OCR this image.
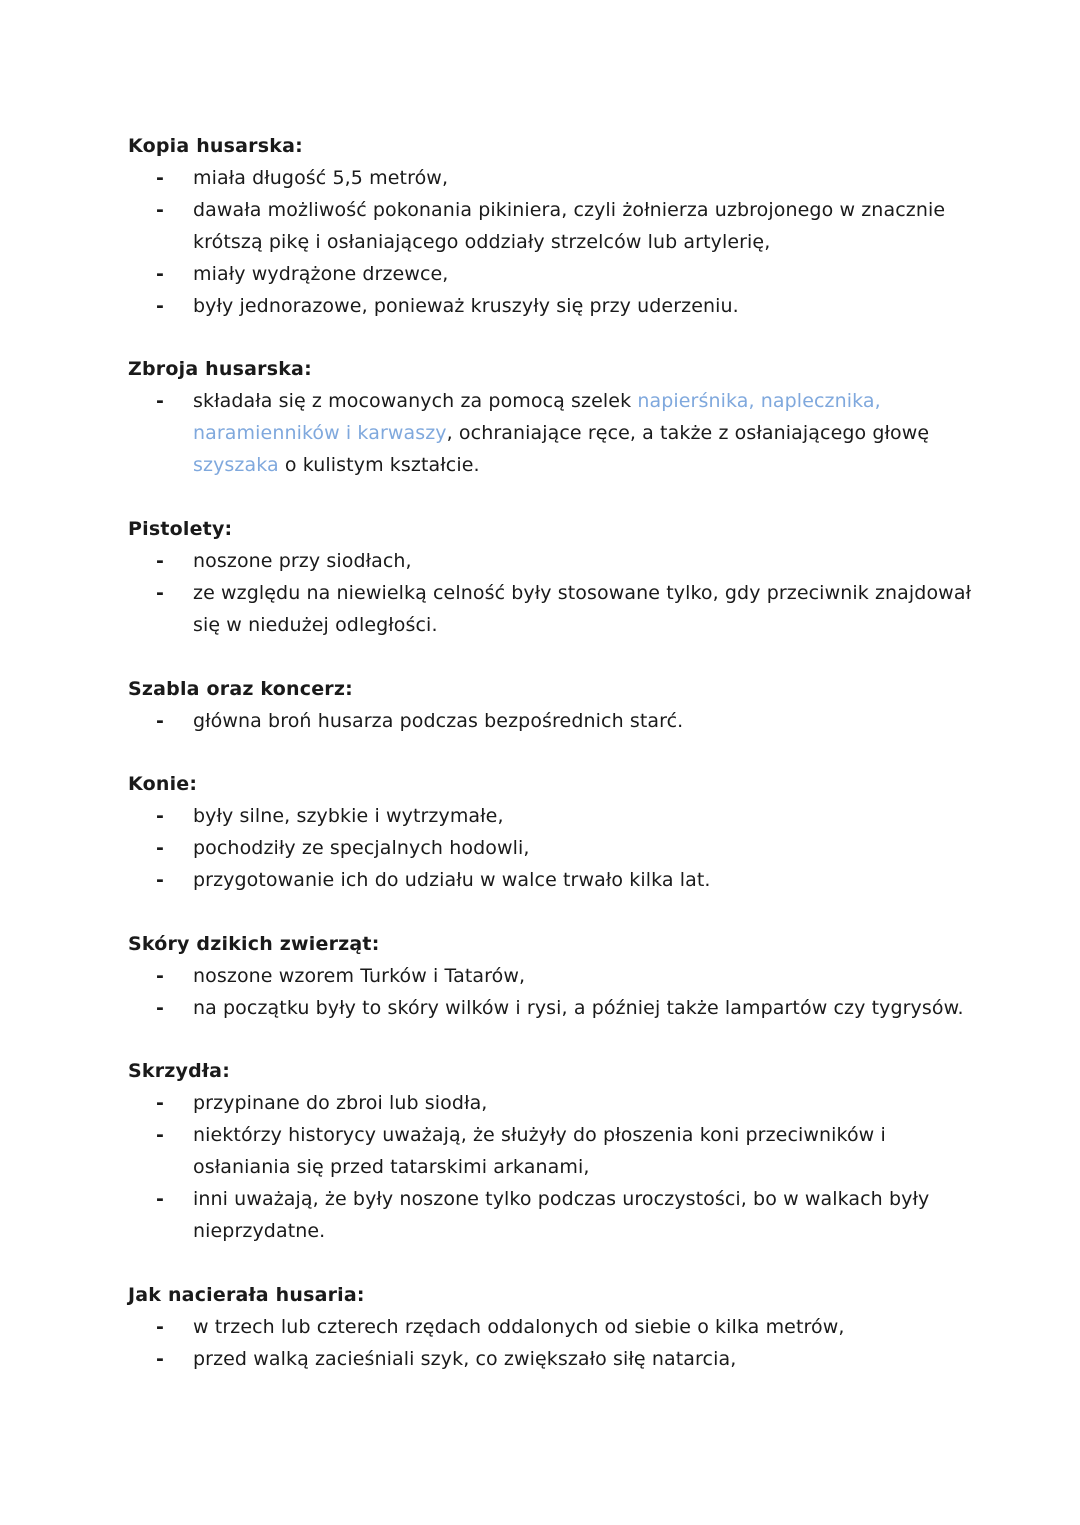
Kopia husarska:
-	miała długość 5,5 metrów,
-	dawała możliwość pokonania pikiniera, czyli żołnierza uzbrojonego w znacznie krótszą pikę i osłaniającego oddziały strzelców lub artylerię,
-	miały wydrążone drzewce,
-	były jednorazowe, ponieważ kruszyły się przy uderzeniu.
Zbroja husarska:
-	składała się z mocowanych za pomocą szelek napierśnika, naplecznika, naramienników i karwaszy, ochraniające ręce, a także z osłaniającego głowę szyszaka o kulistym kształcie.
Pistolety:
-	noszone przy siodłach,
-	ze względu na niewielką celność były stosowane tylko, gdy przeciwnik znajdował się w niedużej odległości.
Szabla oraz koncerz:
-	główna broń husarza podczas bezpośrednich starć.
Konie:
-	były silne, szybkie i wytrzymałe,
-	pochodziły ze specjalnych hodowli,
-	przygotowanie ich do udziału w walce trwało kilka lat.
Skóry dzikich zwierząt:
-	noszone wzorem Turków i Tatarów,
-	na początku były to skóry wilków i rysi, a później także lampartów czy tygrysów.
Skrzydła:
-	przypinane do zbroi lub siodła,
-	niektórzy historycy uważają, że służyły do płoszenia koni przeciwników i osłaniania się przed tatarskimi arkanami,
-	inni uważają, że były noszone tylko podczas uroczystości, bo w walkach były nieprzydatne.
Jak nacierała husaria:
-	w trzech lub czterech rzędach oddalonych od siebie o kilka metrów,
-	przed walką zacieśniali szyk, co zwiększało siłę natarcia,
